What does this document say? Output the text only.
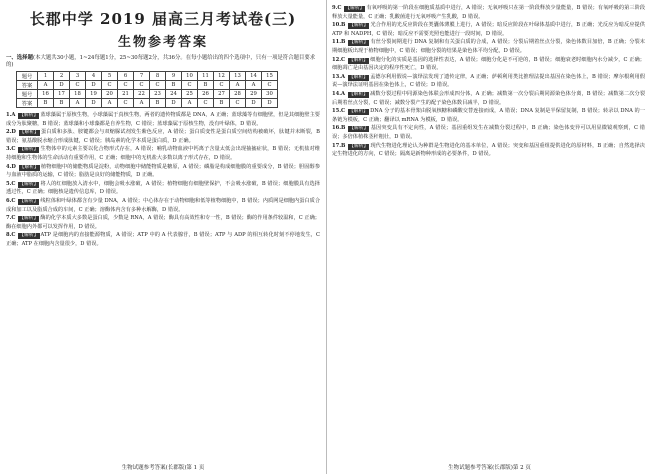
长郡中学 2019 届高三月考试卷(三)
生物参考答案

一、选择题(本大题共30小题，1~24每题1分，25~30每题2分，共36分。在每小题给出的四个选项中，只有一项是符合题目要求的)

题号	1	2	3	4	5	6	7	8	9	10	11	12	13	14	15
答案	A	D	C	D	C	C	C	C	B	C	B	C	A	A	C
题号	16	17	18	19	20	21	22	23	24	25	26	27	28	29	30
答案	B	B	A	D	A	C	A	B	D	A	C	B	C	D	D

1.A 【解析】 蓝球藻属于原核生物，小球藻属于真核生物，两者的遗传物质都是 DNA，A 正确；蓝球藻等有细胞壁，但是其细胞壁主要成分为肽聚糖，B 错误；蓝球藻和小球藻都是自养生物，C 错误；蓝球藻属于原核生物，没有叶绿体，D 错误。

2.D 【解析】 蛋白质和多肽、胺键都会与双缩脲试剂发生紫色反应，A 错误；蛋白质变性是蛋白质空间结构被破坏，肽键并未断裂，B 错误；氨基酸脱水缩合形成肽键，C 错误；胰岛素的化学本质是蛋白质，D 正确。

3.C 【解析】 生物体中的元素主要以化合物形式存在，A 错误；哺乳动物血液中钙离子含量太低会出现抽搐症状，B 错误；无机盐对维持细胞和生物体的生命活动有重要作用，C 正确；细胞中的无机盐大多数以离子形式存在，D 错误。

4.D 【解析】 植物细胞中的储能物质是淀粉，动物细胞中储能物质是糖原，A 错误；磷脂是构成细胞膜的重要成分，B 错误；胆固醇参与血液中脂质的运输，C 错误；脂肪是良好的储能物质，D 正确。

5.C 【解析】 将人的红细胞放入清水中，细胞会吸水涨破，A 错误；植物细胞有细胞壁保护，不会吸水涨破，B 错误；细胞膜具有选择透过性，C 正确；细胞核是遗传信息库，D 错误。

6.C 【解析】 线粒体和叶绿体都含有少量 DNA，A 错误；中心体存在于动物细胞和低等植物细胞中，B 错误；内质网是细胞内蛋白质合成和加工以及脂质合成的车间，C 正确；溶酶体内含有多种水解酶，D 错误。

7.C 【解析】 酶的化学本质大多数是蛋白质，少数是 RNA，A 错误；酶具有高效性和专一性，B 错误；酶的作用条件较温和，C 正确；酶在细胞内外都可以发挥作用，D 错误。

8.C 【解析】 ATP 是细胞内的直接能源物质，A 错误；ATP 中的 A 代表腺苷，B 错误；ATP 与 ADP 的相互转化时刻不停地发生，C 正确；ATP 在细胞内含量很少，D 错误。

生物试题参考答案(长郡版)第 1 页

9.C 【解析】 有氧呼吸的第一阶段在细胞质基质中进行，A 错误；无氧呼吸只在第一阶段释放少量能量，B 错误；有氧呼吸的第三阶段释放大量能量，C 正确；乳酸菌进行无氧呼吸产生乳酸，D 错误。

10.B 【解析】 光合作用的光反应阶段在类囊体薄膜上进行，A 错误；暗反应阶段在叶绿体基质中进行，B 正确；光反应为暗反应提供 ATP 和 NADPH，C 错误；暗反应不需要光照也能进行一段时间，D 错误。

11.B 【解析】 有丝分裂间期进行 DNA 复制和有关蛋白质的合成，A 错误；分裂后期着丝点分裂，染色体数目加倍，B 正确；分裂末期细胞板出现于植物细胞中，C 错误；细胞分裂的结果是染色体平均分配，D 错误。

12.C 【解析】 细胞分化的实质是基因的选择性表达，A 错误；细胞分化是不可逆的，B 错误；细胞衰老时细胞内水分减少，C 正确；细胞凋亡是由基因决定的程序性死亡，D 错误。

13.A 【解析】 孟德尔利用假说—演绎法发现了遗传定律，A 正确；萨顿利用类比推理法提出基因在染色体上，B 错误；摩尔根利用假说—演绎法证明基因在染色体上，C 错误；D 错误。

14.A 【解析】 减数分裂过程中同源染色体联会形成四分体，A 正确；减数第一次分裂后期同源染色体分离，B 错误；减数第二次分裂后期着丝点分裂，C 错误；减数分裂产生的配子染色体数目减半，D 错误。

15.C 【解析】 DNA 分子的基本骨架由脱氧核糖和磷酸交替连接而成，A 错误；DNA 复制是半保留复制，B 错误；转录以 DNA 的一条链为模板，C 正确；翻译以 mRNA 为模板，D 错误。

16.B 【解析】 基因突变具有不定向性，A 错误；基因重组发生在减数分裂过程中，B 正确；染色体变异可以用显微镜观察到，C 错误；多倍体植株茎秆粗壮，D 错误。

17.B 【解析】 现代生物进化理论认为种群是生物进化的基本单位，A 错误；突变和基因重组提供进化的原材料，B 正确；自然选择决定生物进化的方向，C 错误；隔离是新物种形成的必要条件，D 错误。

生物试题参考答案(长郡版)第 2 页
